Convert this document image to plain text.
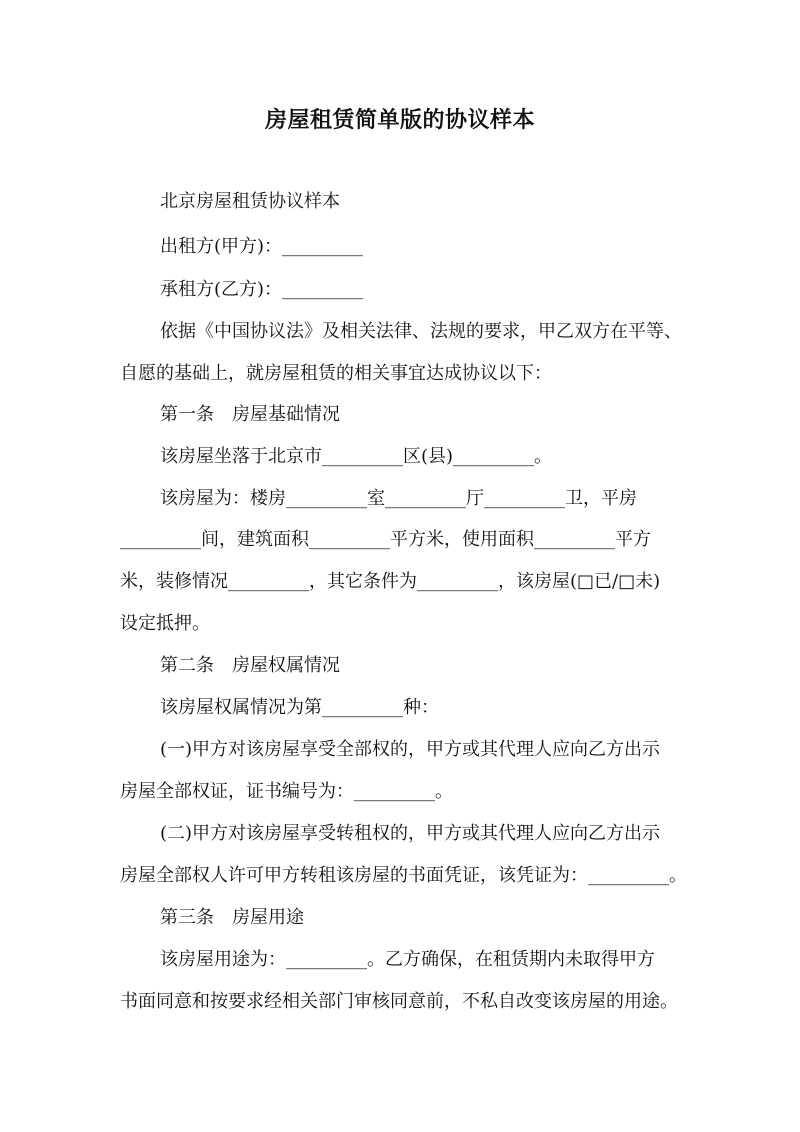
房屋租赁简单版的协议样本
北京房屋租赁协议样本
出租方(甲方)：_________
承租方(乙方)：_________
依据《中国协议法》及相关法律、法规的要求，甲乙双方在平等、
自愿的基础上，就房屋租赁的相关事宜达成协议以下：
第一条　房屋基础情况
该房屋坐落于北京市_________区(县)_________。
该房屋为：楼房_________室_________厅_________卫，平房
_________间，建筑面积_________平方米，使用面积_________平方
米，装修情况_________，其它条件为_________，该房屋(□已/□未)
设定抵押。
第二条　房屋权属情况
该房屋权属情况为第_________种：
(一)甲方对该房屋享受全部权的，甲方或其代理人应向乙方出示
房屋全部权证，证书编号为：_________。
(二)甲方对该房屋享受转租权的，甲方或其代理人应向乙方出示
房屋全部权人许可甲方转租该房屋的书面凭证，该凭证为：_________。
第三条　房屋用途
该房屋用途为：_________。乙方确保，在租赁期内未取得甲方
书面同意和按要求经相关部门审核同意前，不私自改变该房屋的用途。
